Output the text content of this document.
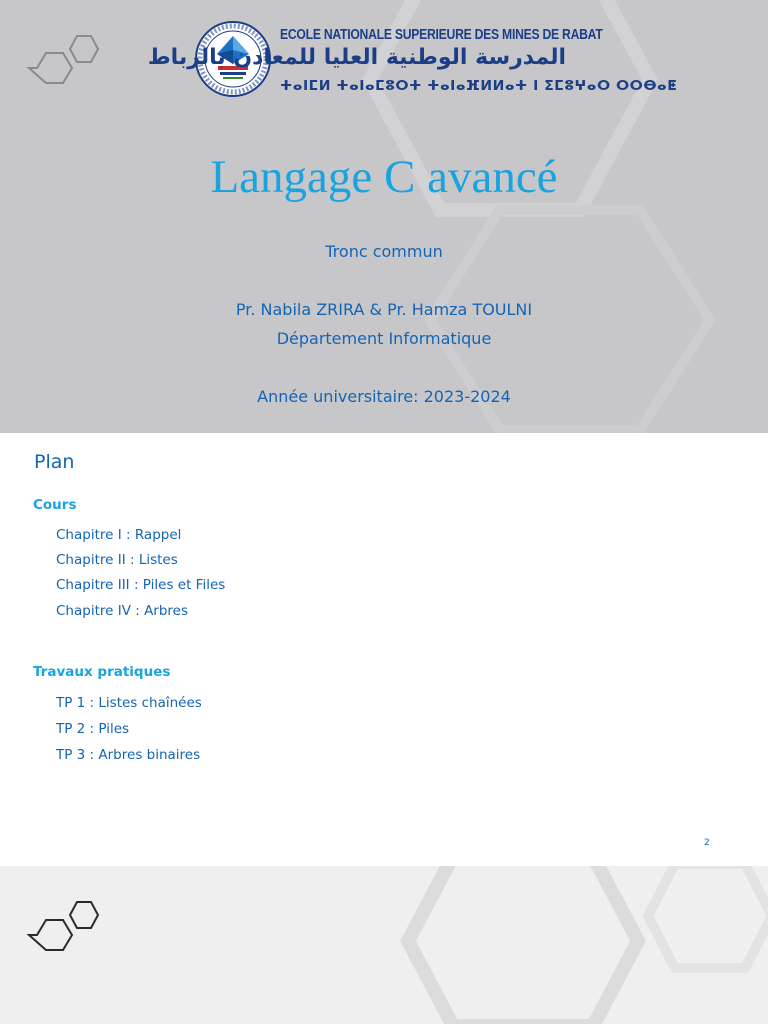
ECOLE NATIONALE SUPERIEURE DES MINES DE RABAT
المدرسة الوطنية العليا للمعادن بالرباط
ⵜⴰⵏⵎⵍ ⵜⴰⵏⴰⵎⵓⵔⵜ ⵜⴰⵏⴰⴼⵍⵍⴰⵜ ⵏ ⵉⵎⵓⵖⴰⵔ ⵔⵔⴱⴰⵟ
Langage C avancé
Tronc commun
Pr. Nabila ZRIRA & Pr. Hamza TOULNI
Département Informatique
Année universitaire: 2023-2024
Plan
Cours
Chapitre I : Rappel
Chapitre II : Listes
Chapitre III : Piles et Files
Chapitre IV : Arbres
Travaux pratiques
TP 1 : Listes chaînées
TP 2 : Piles
TP 3 : Arbres binaires
2
